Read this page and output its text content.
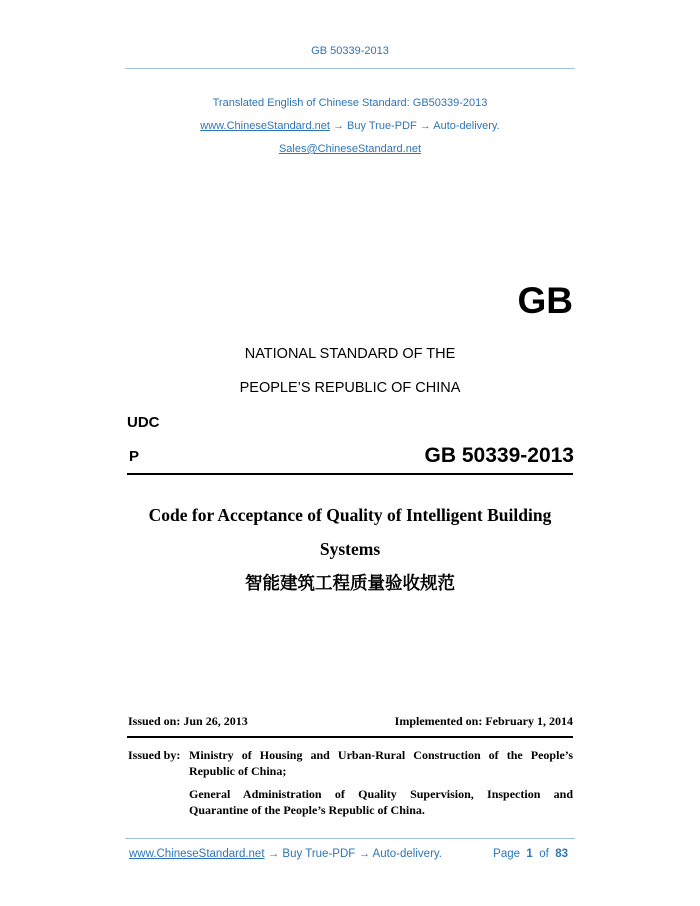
GB 50339-2013
Translated English of Chinese Standard: GB50339-2013
www.ChineseStandard.net → Buy True-PDF → Auto-delivery.
Sales@ChineseStandard.net
GB
NATIONAL STANDARD OF THE
PEOPLE’S REPUBLIC OF CHINA
UDC
P	GB 50339-2013
Code for Acceptance of Quality of Intelligent Building
Systems
智能建筑工程质量验收规范
Issued on: Jun 26, 2013	Implemented on: February 1, 2014
Issued by: Ministry of Housing and Urban-Rural Construction of the People’s Republic of China;
General Administration of Quality Supervision, Inspection and Quarantine of the People’s Republic of China.
www.ChineseStandard.net → Buy True-PDF → Auto-delivery.	Page 1 of 83
